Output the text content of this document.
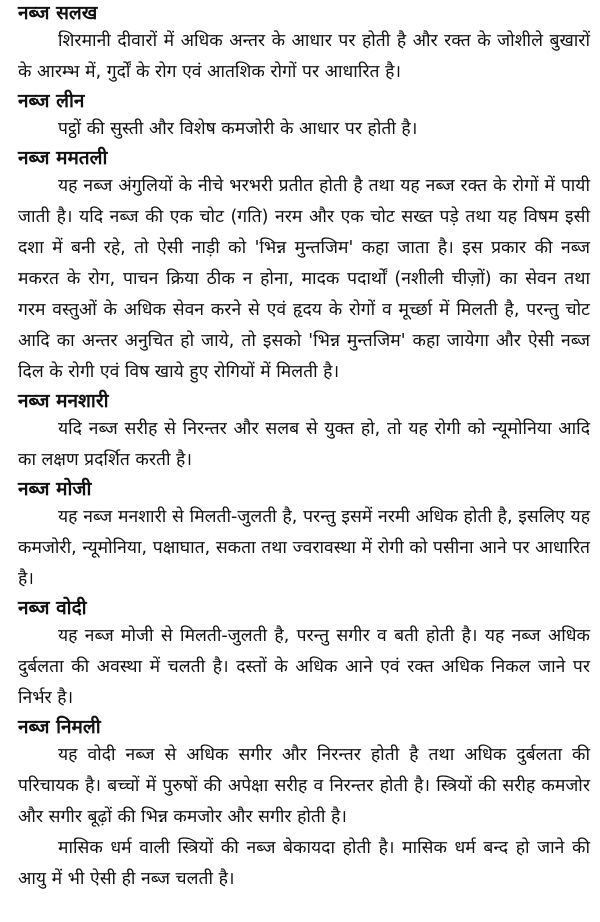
नब्ज सलख

शिरमानी दीवारों में अधिक अन्तर के आधार पर होती है और रक्त के जोशीले बुखारों के आरम्भ में, गुर्दों के रोग एवं आतशिक रोगों पर आधारित है।

नब्ज लीन

पट्ठों की सुस्ती और विशेष कमजोरी के आधार पर होती है।

नब्ज ममतली

यह नब्ज अंगुलियों के नीचे भरभरी प्रतीत होती है तथा यह नब्ज रक्त के रोगों में पायी जाती है। यदि नब्ज की एक चोट (गति) नरम और एक चोट सख्त पड़े तथा यह विषम इसी दशा में बनी रहे, तो ऐसी नाड़ी को 'भिन्न मुन्तजिम' कहा जाता है। इस प्रकार की नब्ज मकरत के रोग, पाचन क्रिया ठीक न होना, मादक पदार्थों (नशीली चीज़ों) का सेवन तथा गरम वस्तुओं के अधिक सेवन करने से एवं हृदय के रोगों व मूर्च्छा में मिलती है, परन्तु चोट आदि का अन्तर अनुचित हो जाये, तो इसको 'भिन्न मुन्तजिम' कहा जायेगा और ऐसी नब्ज दिल के रोगी एवं विष खाये हुए रोगियों में मिलती है।

नब्ज मनशारी

यदि नब्ज सरीह से निरन्तर और सलब से युक्त हो, तो यह रोगी को न्यूमोनिया आदि का लक्षण प्रदर्शित करती है।

नब्ज मोजी

यह नब्ज मनशारी से मिलती-जुलती है, परन्तु इसमें नरमी अधिक होती है, इसलिए यह कमजोरी, न्यूमोनिया, पक्षाघात, सकता तथा ज्वरावस्था में रोगी को पसीना आने पर आधारित है।

नब्ज वोदी

यह नब्ज मोजी से मिलती-जुलती है, परन्तु सगीर व बती होती है। यह नब्ज अधिक दुर्बलता की अवस्था में चलती है। दस्तों के अधिक आने एवं रक्त अधिक निकल जाने पर निर्भर है।

नब्ज निमली

यह वोदी नब्ज से अधिक सगीर और निरन्तर होती है तथा अधिक दुर्बलता की परिचायक है। बच्चों में पुरुषों की अपेक्षा सरीह व निरन्तर होती है। स्त्रियों की सरीह कमजोर और सगीर बूढ़ों की भिन्न कमजोर और सगीर होती है।

मासिक धर्म वाली स्त्रियों की नब्ज बेकायदा होती है। मासिक धर्म बन्द हो जाने की आयु में भी ऐसी ही नब्ज चलती है।
